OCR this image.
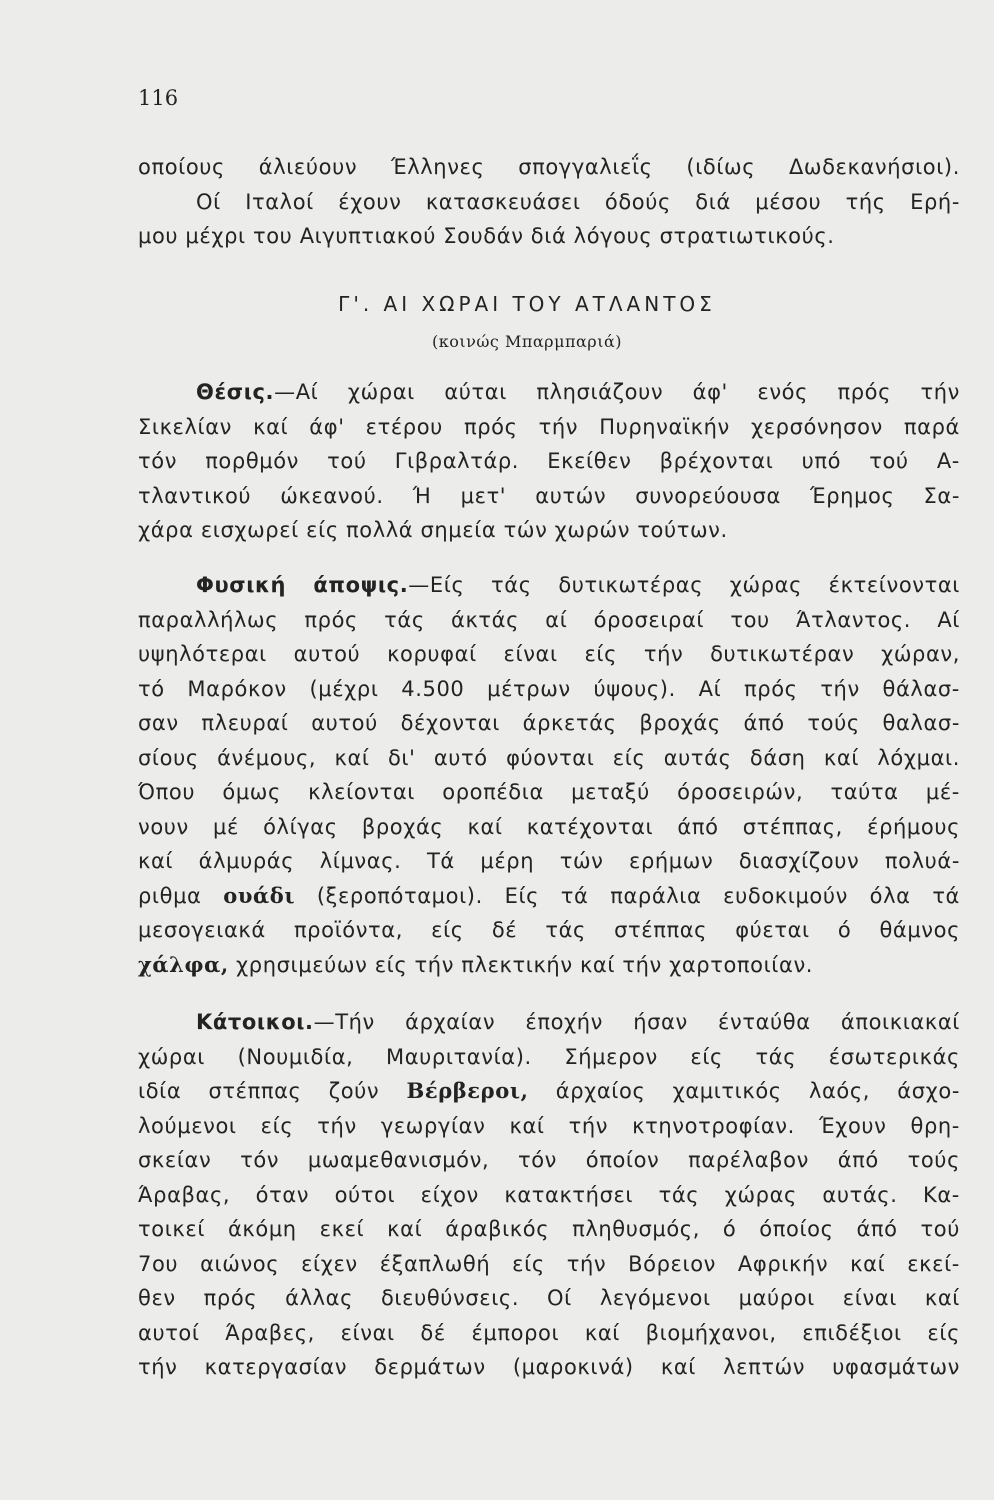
116
οποίους άλιεύουν Έλληνες σπογγαλιεΐς (ιδίως Δωδεκανήσιοι).
Οί Ιταλοί έχουν κατασκευάσει όδούς διά μέσου τής Ερή-
μου μέχρι του Αιγυπτιακού Σουδάν διά λόγους στρατιωτικούς.
Γ'. ΑΙ ΧΩΡΑΙ ΤΟΥ ΑΤΛΑΝΤΟΣ
(κοινώς Μπαρμπαριά)
Θέσις.—Αί χώραι αύται πλησιάζουν άφ' ενός πρός τήν
Σικελίαν καί άφ' ετέρου πρός τήν Πυρηναϊκήν χερσόνησον παρά
τόν πορθμόν τού Γιβραλτάρ. Εκείθεν βρέχονται υπό τού Α-
τλαντικού ώκεανού. Ή μετ' αυτών συνορεύουσα Έρημος Σα-
χάρα εισχωρεί είς πολλά σημεία τών χωρών τούτων.
Φυσική άποψις.—Είς τάς δυτικωτέρας χώρας έκτείνονται
παραλλήλως πρός τάς άκτάς αί όροσειραί του Άτλαντος. Αί
υψηλότεραι αυτού κορυφαί είναι είς τήν δυτικωτέραν χώραν,
τό Μαρόκον (μέχρι 4.500 μέτρων ύψους). Αί πρός τήν θάλασ-
σαν πλευραί αυτού δέχονται άρκετάς βροχάς άπό τούς θαλασ-
σίους άνέμους, καί δι' αυτό φύονται είς αυτάς δάση καί λόχμαι.
Όπου όμως κλείονται οροπέδια μεταξύ όροσειρών, ταύτα μέ-
νουν μέ όλίγας βροχάς καί κατέχονται άπό στέππας, έρήμους
καί άλμυράς λίμνας. Τά μέρη τών ερήμων διασχίζουν πολυά-
ριθμα ουάδι (ξεροπόταμοι). Είς τά παράλια ευδοκιμούν όλα τά
μεσογειακά προϊόντα, είς δέ τάς στέππας φύεται ό θάμνος
χάλφα, χρησιμεύων είς τήν πλεκτικήν καί τήν χαρτοποιίαν.
Κάτοικοι.—Τήν άρχαίαν έποχήν ήσαν ένταύθα άποικιακαί
χώραι (Νουμιδία, Μαυριτανία). Σήμερον είς τάς έσωτερικάς
ιδία στέππας ζούν Βέρβεροι, άρχαίος χαμιτικός λαός, άσχο-
λούμενοι είς τήν γεωργίαν καί τήν κτηνοτροφίαν. Έχουν θρη-
σκείαν τόν μωαμεθανισμόν, τόν όποίον παρέλαβον άπό τούς
Άραβας, όταν ούτοι είχον κατακτήσει τάς χώρας αυτάς. Κα-
τοικεί άκόμη εκεί καί άραβικός πληθυσμός, ό όποίος άπό τού
7ου αιώνος είχεν έξαπλωθή είς τήν Βόρειον Αφρικήν καί εκεί-
θεν πρός άλλας διευθύνσεις. Οί λεγόμενοι μαύροι είναι καί
αυτοί Άραβες, είναι δέ έμποροι καί βιομήχανοι, επιδέξιοι είς
τήν κατεργασίαν δερμάτων (μαροκινά) καί λεπτών υφασμάτων
